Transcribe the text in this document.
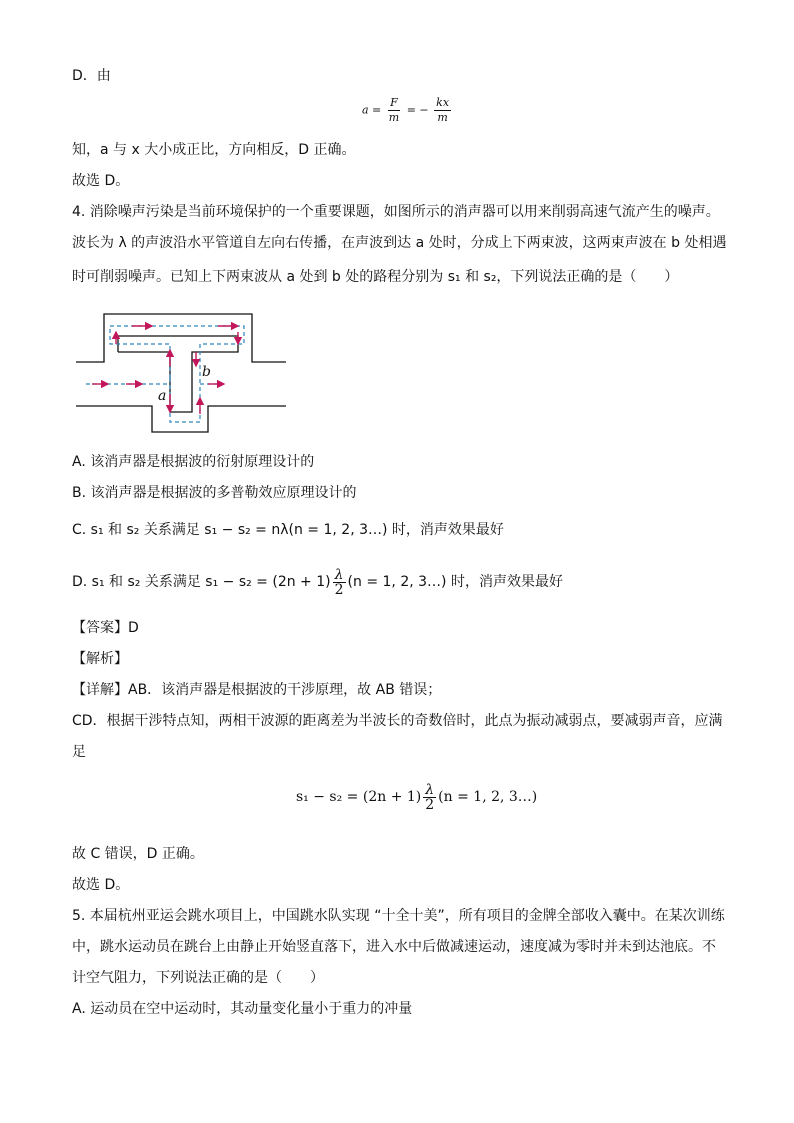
D．由
$a = \frac{F}{m}$ = − $\frac{kx}{m}$
知，a 与 x 大小成正比，方向相反，D 正确。
故选 D。
4. 消除噪声污染是当前环境保护的一个重要课题，如图所示的消声器可以用来削弱高速气流产生的噪声。
波长为 λ 的声波沿水平管道自左向右传播，在声波到达 a 处时，分成上下两束波，这两束声波在 b 处相遇
时可削弱噪声。已知上下两束波从 a 处到 b 处的路程分别为 s₁ 和 s₂，下列说法正确的是（　　）
a
b
A. 该消声器是根据波的衍射原理设计的
B. 该消声器是根据波的多普勒效应原理设计的
C. s₁ 和 s₂ 关系满足 s₁ − s₂ = nλ(n = 1, 2, 3…) 时，消声效果最好
D. s₁ 和 s₂ 关系满足 $s_1 - s_2 = (2n + 1) \frac{\lambda}{2} (n = 1$, 2, 3…) 时，消声效果最好
【答案】D
【解析】
【详解】AB．该消声器是根据波的干涉原理，故 AB 错误；
CD．根据干涉特点知，两相干波源的距离差为半波长的奇数倍时，此点为振动减弱点，要减弱声音，应满
足
$s_1 - s_2 = (2n + 1) \frac{\lambda}{2} (n = 1$, 2, 3…)
故 C 错误，D 正确。
故选 D。
5. 本届杭州亚运会跳水项目上，中国跳水队实现 “十全十美”，所有项目的金牌全部收入囊中。在某次训练
中，跳水运动员在跳台上由静止开始竖直落下，进入水中后做减速运动，速度减为零时并未到达池底。不
计空气阻力，下列说法正确的是（　　）
A. 运动员在空中运动时，其动量变化量小于重力的冲量
